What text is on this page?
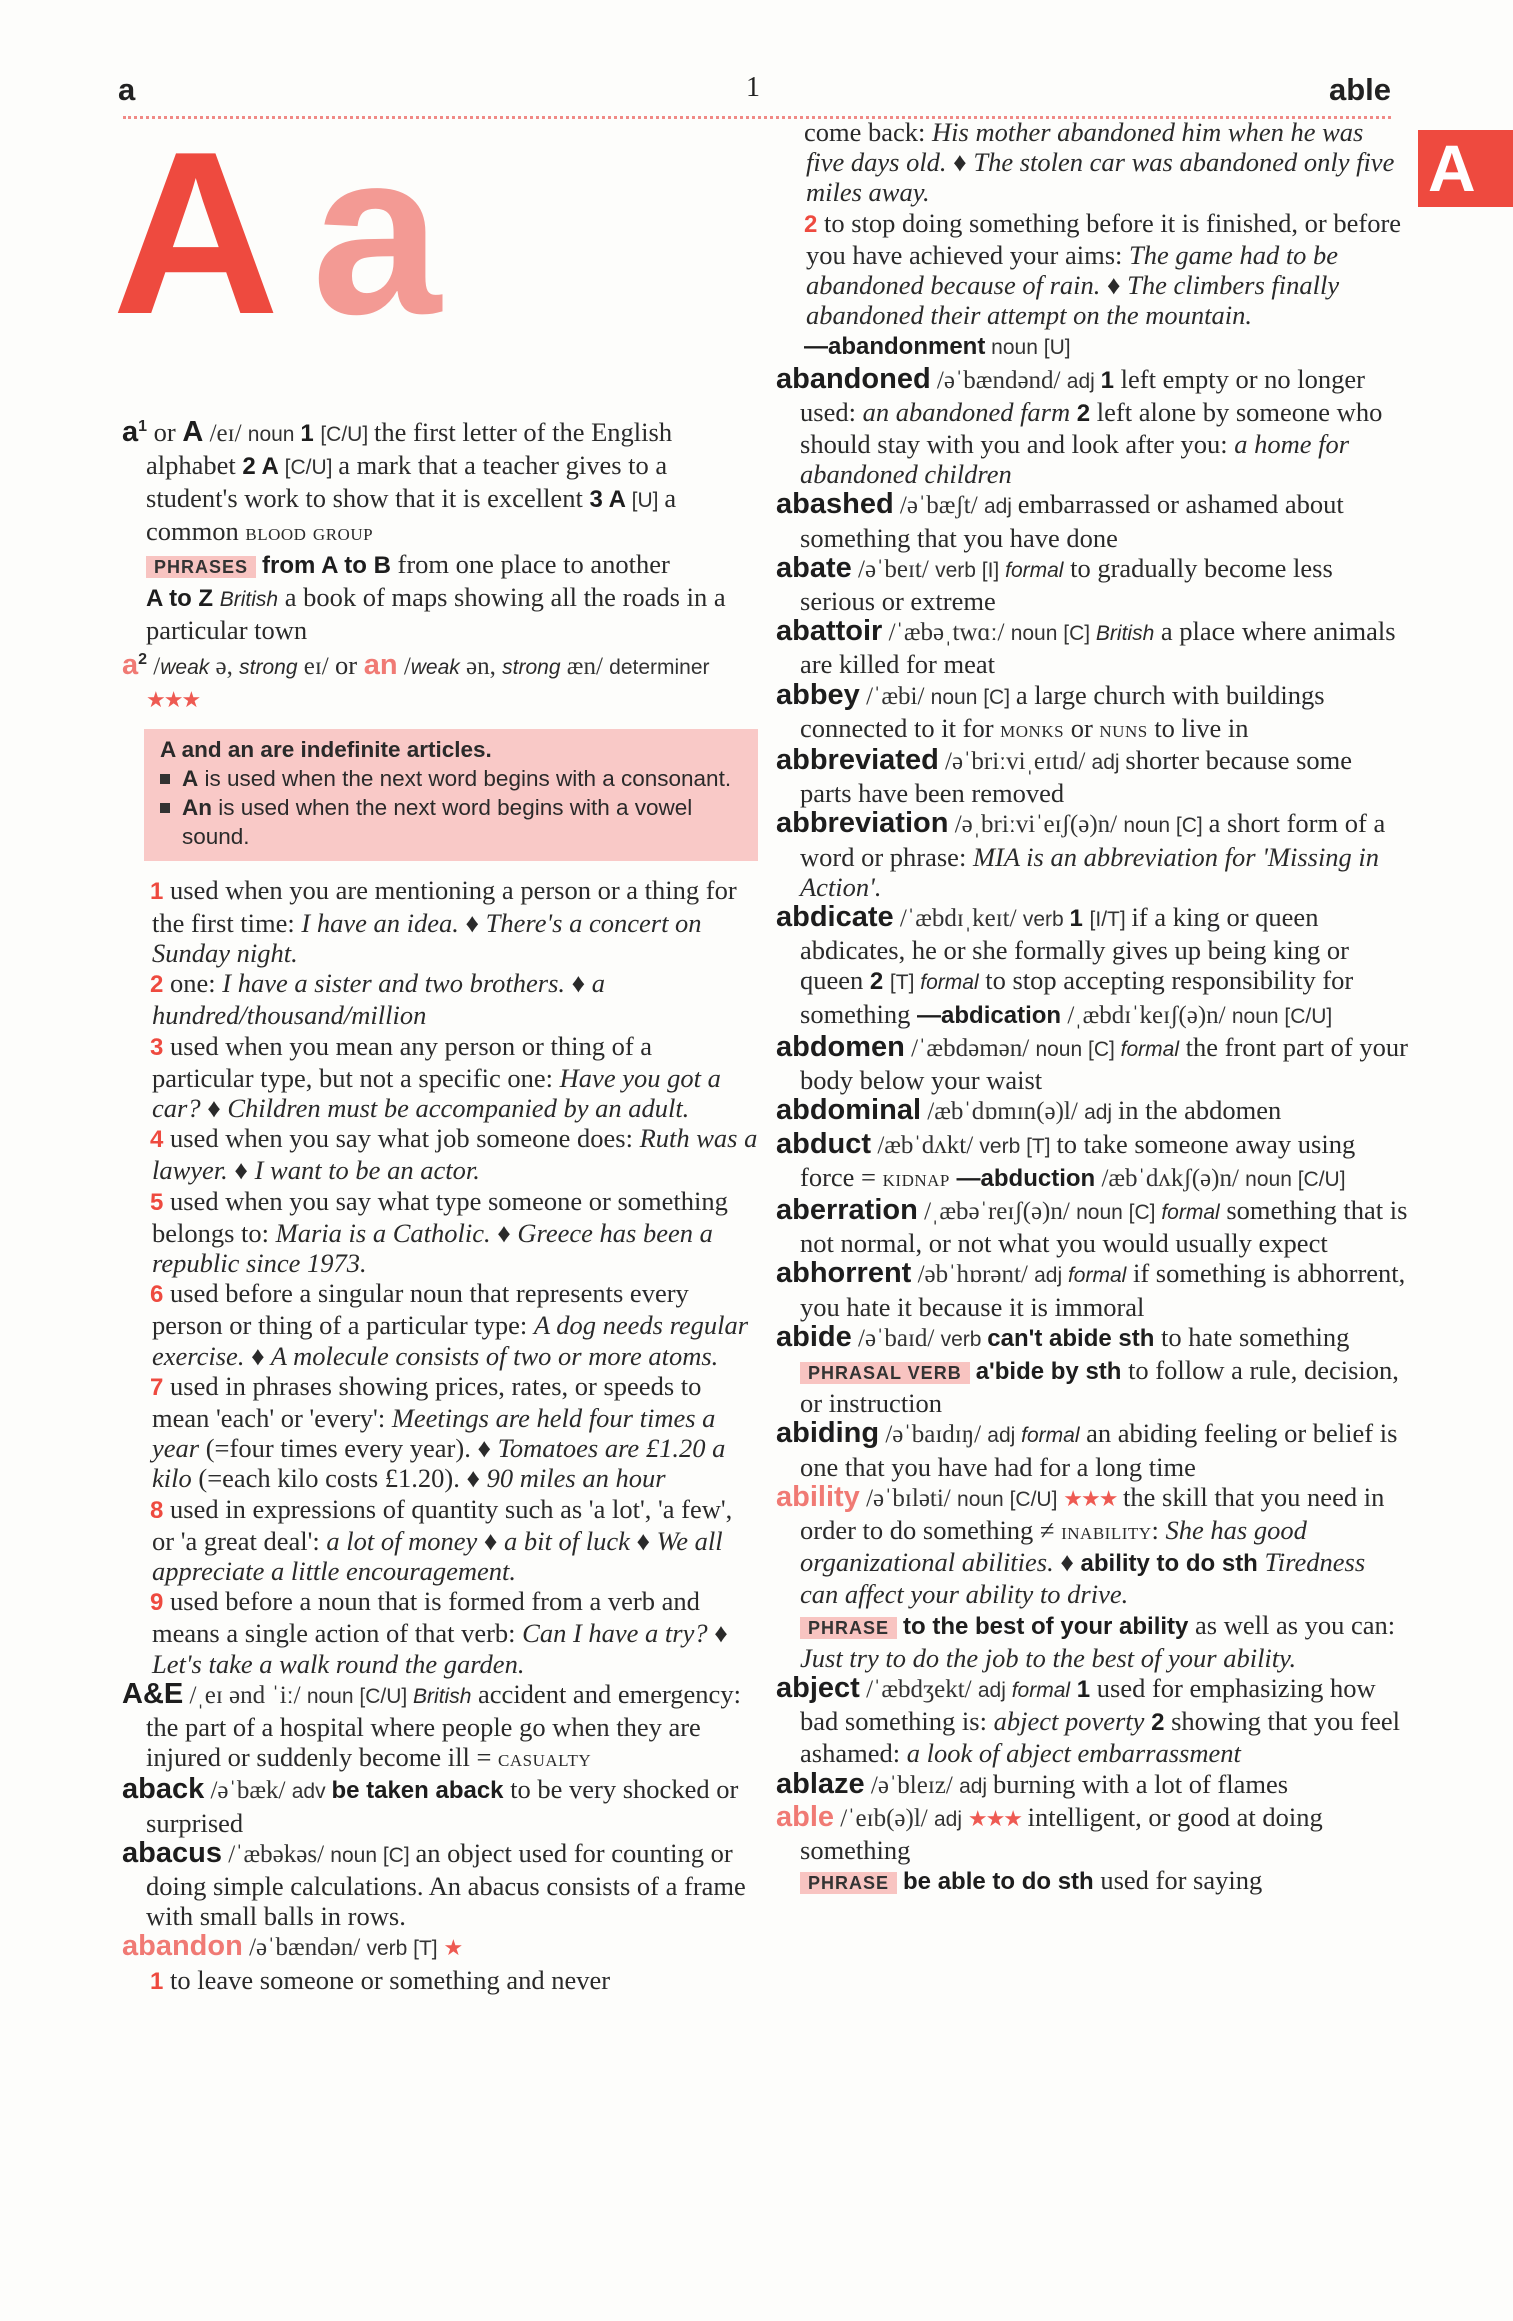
a	1	able
A a	A

$a^1$ or A /eɪ/ noun 1 [C/U] the first letter of the English alphabet 2 A [C/U] a mark that a teacher gives to a student's work to show that it is excellent 3 A [U] a common blood group

PHRASES from A to B from one place to another

A to Z British a book of maps showing all the roads in a particular town

$a^2$ /weak ə, strong eɪ/ or an /weak ən, strong æn/ determiner ★★★

A and an are indefinite articles.
A is used when the next word begins with a consonant.
An is used when the next word begins with a vowel sound.

1 used when you are mentioning a person or a thing for the first time: I have an idea. ♦ There's a concert on Sunday night.

2 one: I have a sister and two brothers. ♦ a hundred/thousand/million

3 used when you mean any person or thing of a particular type, but not a specific one: Have you got a car? ♦ Children must be accompanied by an adult.

4 used when you say what job someone does: Ruth was a lawyer. ♦ I want to be an actor.

5 used when you say what type someone or something belongs to: Maria is a Catholic. ♦ Greece has been a republic since 1973.

6 used before a singular noun that represents every person or thing of a particular type: A dog needs regular exercise. ♦ A molecule consists of two or more atoms.

7 used in phrases showing prices, rates, or speeds to mean 'each' or 'every': Meetings are held four times a year (=four times every year). ♦ Tomatoes are £1.20 a kilo (=each kilo costs £1.20). ♦ 90 miles an hour

8 used in expressions of quantity such as 'a lot', 'a few', or 'a great deal': a lot of money ♦ a bit of luck ♦ We all appreciate a little encouragement.

9 used before a noun that is formed from a verb and means a single action of that verb: Can I have a try? ♦ Let's take a walk round the garden.

A&E /ˌeɪ ənd ˈiː/ noun [C/U] British accident and emergency: the part of a hospital where people go when they are injured or suddenly become ill = casualty

aback /əˈbæk/ adv be taken aback to be very shocked or surprised

abacus /ˈæbəkəs/ noun [C] an object used for counting or doing simple calculations. An abacus consists of a frame with small balls in rows.

abandon /əˈbændən/ verb [T] ★

1 to leave someone or something and never

come back: His mother abandoned him when he was five days old. ♦ The stolen car was abandoned only five miles away.

2 to stop doing something before it is finished, or before you have achieved your aims: The game had to be abandoned because of rain. ♦ The climbers finally abandoned their attempt on the mountain.

—abandonment noun [U]

abandoned /əˈbændənd/ adj 1 left empty or no longer used: an abandoned farm 2 left alone by someone who should stay with you and look after you: a home for abandoned children

abashed /əˈbæʃt/ adj embarrassed or ashamed about something that you have done

abate /əˈbeɪt/ verb [I] formal to gradually become less serious or extreme

abattoir /ˈæbəˌtwɑː/ noun [C] British a place where animals are killed for meat

abbey /ˈæbi/ noun [C] a large church with buildings connected to it for monks or nuns to live in

abbreviated /əˈbriːviˌeɪtɪd/ adj shorter because some parts have been removed

abbreviation /əˌbriːviˈeɪʃ(ə)n/ noun [C] a short form of a word or phrase: MIA is an abbreviation for 'Missing in Action'.

abdicate /ˈæbdɪˌkeɪt/ verb 1 [I/T] if a king or queen abdicates, he or she formally gives up being king or queen 2 [T] formal to stop accepting responsibility for something —abdication /ˌæbdɪˈkeɪʃ(ə)n/ noun [C/U]

abdomen /ˈæbdəmən/ noun [C] formal the front part of your body below your waist

abdominal /æbˈdɒmɪn(ə)l/ adj in the abdomen

abduct /æbˈdʌkt/ verb [T] to take someone away using force = kidnap —abduction /æbˈdʌkʃ(ə)n/ noun [C/U]

aberration /ˌæbəˈreɪʃ(ə)n/ noun [C] formal something that is not normal, or not what you would usually expect

abhorrent /əbˈhɒrənt/ adj formal if something is abhorrent, you hate it because it is immoral

abide /əˈbaɪd/ verb can't abide sth to hate something

PHRASAL VERB a'bide by sth to follow a rule, decision, or instruction

abiding /əˈbaɪdɪŋ/ adj formal an abiding feeling or belief is one that you have had for a long time

ability /əˈbɪləti/ noun [C/U] ★★★ the skill that you need in order to do something ≠ inability: She has good organizational abilities. ♦ ability to do sth Tiredness can affect your ability to drive.

PHRASE to the best of your ability as well as you can: Just try to do the job to the best of your ability.

abject /ˈæbdʒekt/ adj formal 1 used for emphasizing how bad something is: abject poverty 2 showing that you feel ashamed: a look of abject embarrassment

ablaze /əˈbleɪz/ adj burning with a lot of flames

able /ˈeɪb(ə)l/ adj ★★★ intelligent, or good at doing something

PHRASE be able to do sth used for saying
